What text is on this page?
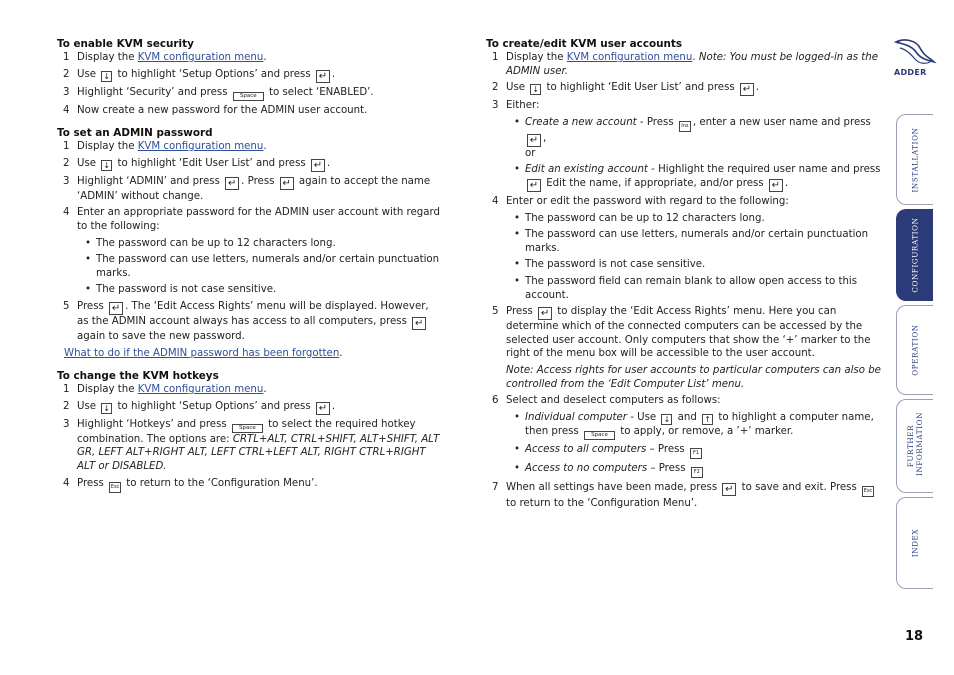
ADDER
To enable KVM security
1 Display the KVM configuration menu.
2 Use ↓ to highlight ‘Setup Options’ and press ↵ .
3 Highlight ‘Security’ and press Space to select ‘ENABLED’.
4 Now create a new password for the ADMIN user account.
To set an ADMIN password
1 Display the KVM configuration menu.
2 Use ↓ to highlight ‘Edit User List’ and press ↵ .
3 Highlight ‘ADMIN’ and press ↵ . Press ↵ again to accept the name ‘ADMIN’ without change.
4 Enter an appropriate password for the ADMIN user account with regard to the following:
• The password can be up to 12 characters long.
• The password can use letters, numerals and/or certain punctuation marks.
• The password is not case sensitive.
5 Press ↵ . The ‘Edit Access Rights’ menu will be displayed. However, as the ADMIN account always has access to all computers, press ↵ again to save the new password.
What to do if the ADMIN password has been forgotten.
To change the KVM hotkeys
1 Display the KVM configuration menu.
2 Use ↓ to highlight ‘Setup Options’ and press ↵ .
3 Highlight ‘Hotkeys’ and press Space to select the required hotkey combination. The options are: CRTL+ALT, CTRL+SHIFT, ALT+SHIFT, ALT GR, LEFT ALT+RIGHT ALT, LEFT CTRL+LEFT ALT, RIGHT CTRL+RIGHT ALT or DISABLED.
4 Press Esc to return to the ‘Configuration Menu’.
To create/edit KVM user accounts
1 Display the KVM configuration menu. Note: You must be logged-in as the ADMIN user.
2 Use ↓ to highlight ‘Edit User List’ and press ↵ .
3 Either:
• Create a new account - Press Ins , enter a new user name and press ↵ ,
or
• Edit an existing account - Highlight the required user name and press ↵ Edit the name, if appropriate, and/or press ↵ .
4 Enter or edit the password with regard to the following:
• The password can be up to 12 characters long.
• The password can use letters, numerals and/or certain punctuation marks.
• The password is not case sensitive.
• The password field can remain blank to allow open access to this account.
5 Press ↵ to display the ‘Edit Access Rights’ menu. Here you can determine which of the connected computers can be accessed by the selected user account. Only computers that show the ‘+’ marker to the right of the menu box will be accessible to the user account.
Note: Access rights for user accounts to particular computers can also be controlled from the ‘Edit Computer List’ menu.
6 Select and deselect computers as follows:
• Individual computer - Use ↓ and ↑ to highlight a computer name, then press Space to apply, or remove, a ’+’ marker.
• Access to all computers – Press F1
• Access to no computers – Press F2
7 When all settings have been made, press ↵ to save and exit. Press Esc to return to the ‘Configuration Menu’.
INSTALLATION
CONFIGURATION
OPERATION
FURTHER INFORMATION
INDEX
18
